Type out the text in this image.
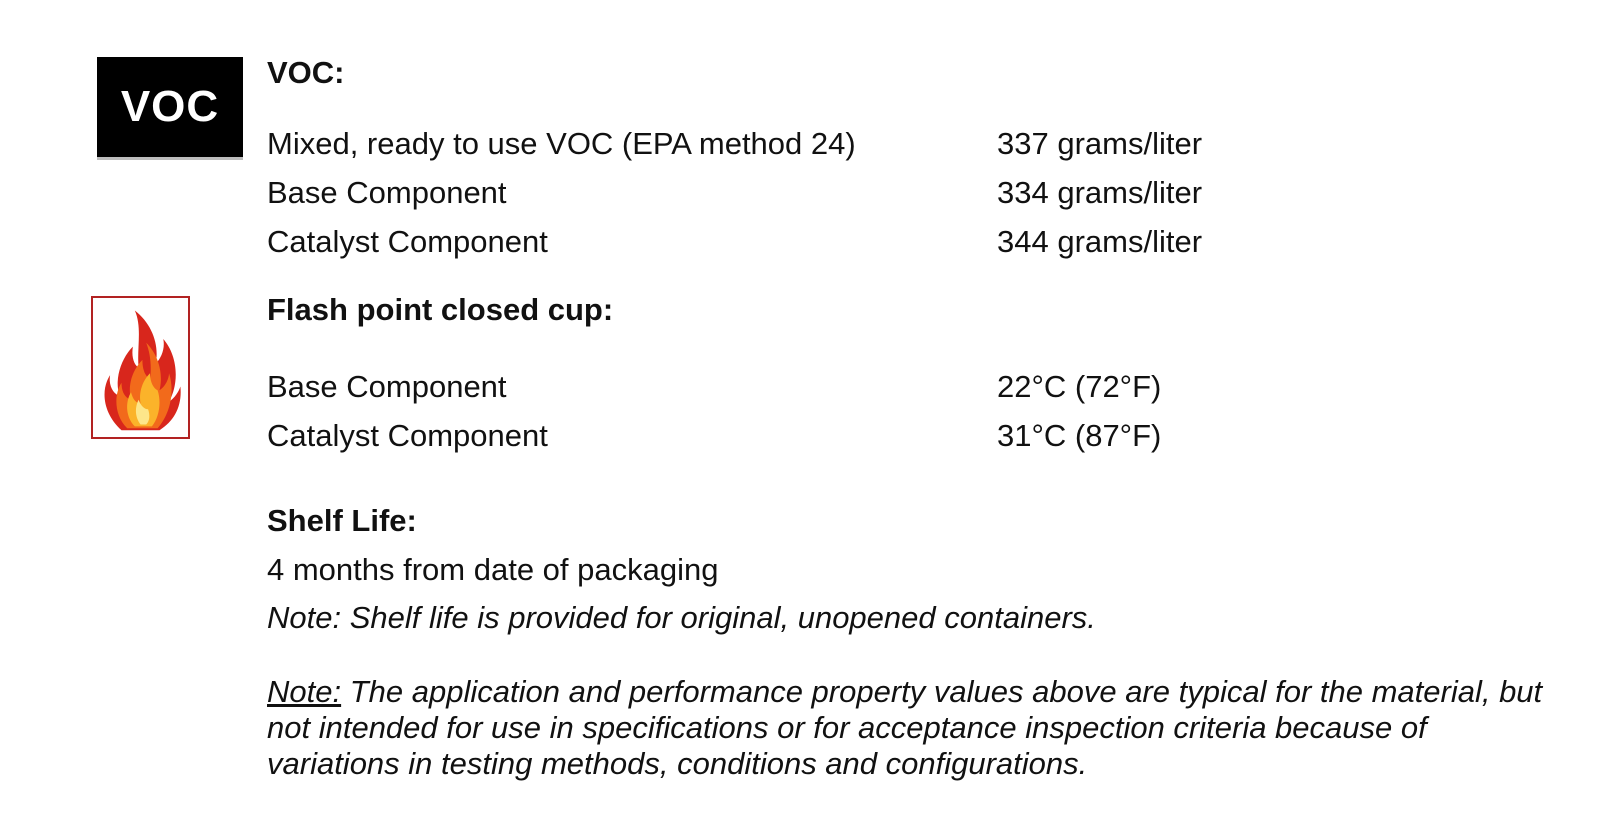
VOC
VOC:
Mixed, ready to use VOC (EPA method 24)	337 grams/liter
Base Component	334 grams/liter
Catalyst Component	344 grams/liter
Flash point closed cup:
Base Component	22°C (72°F)
Catalyst Component	31°C (87°F)
Shelf Life:
4 months from date of packaging
Note: Shelf life is provided for original, unopened containers.
Note: The application and performance property values above are typical for the material, but not intended for use in specifications or for acceptance inspection criteria because of variations in testing methods, conditions and configurations.
